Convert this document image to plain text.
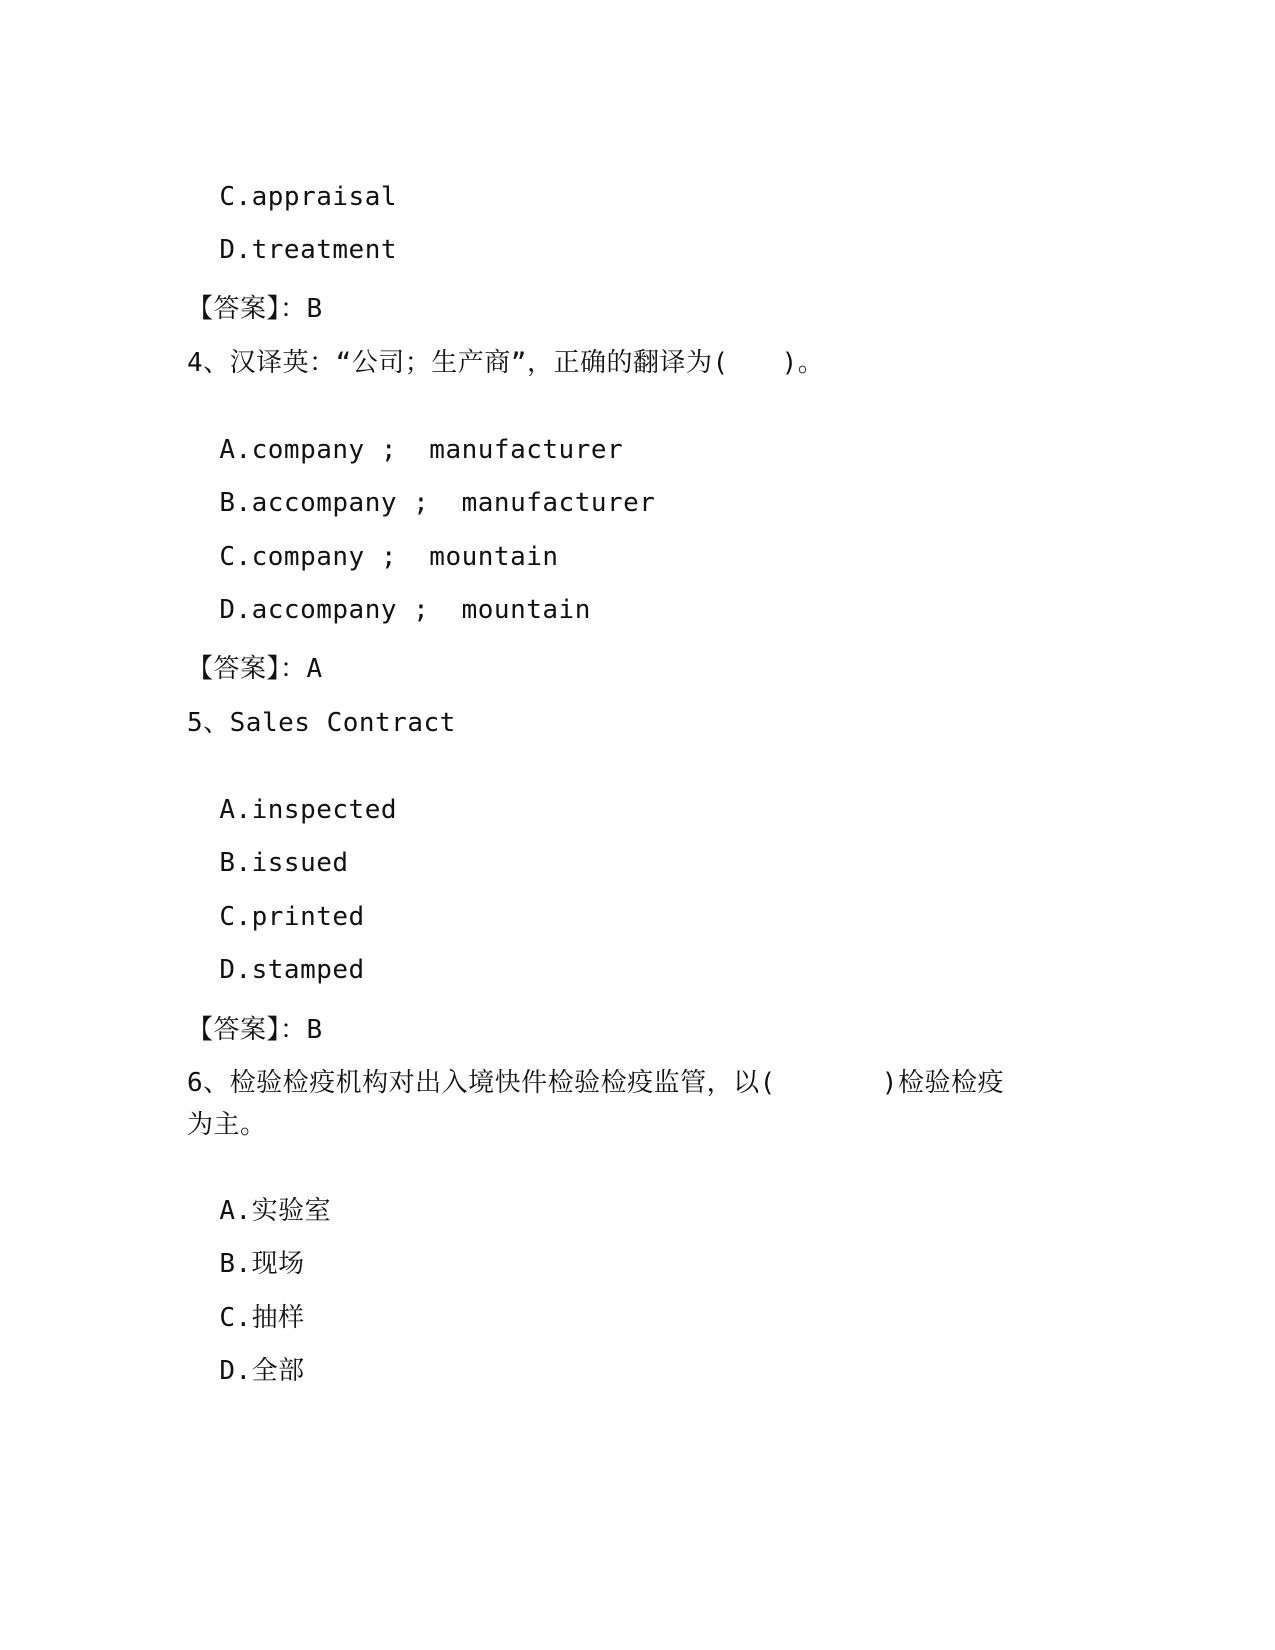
C.appraisal

D.treatment

【答案】：B
4、汉译英：“公司；生产商”，正确的翻译为(　　)。

A.company ;  manufacturer

B.accompany ;  manufacturer

C.company ;  mountain

D.accompany ;  mountain

【答案】：A
5、Sales Contract

A.inspected

B.issued

C.printed

D.stamped

【答案】：B
6、检验检疫机构对出入境快件检验检疫监管，以(　　　　)检验检疫
为主。

A.实验室

B.现场

C.抽样

D.全部
